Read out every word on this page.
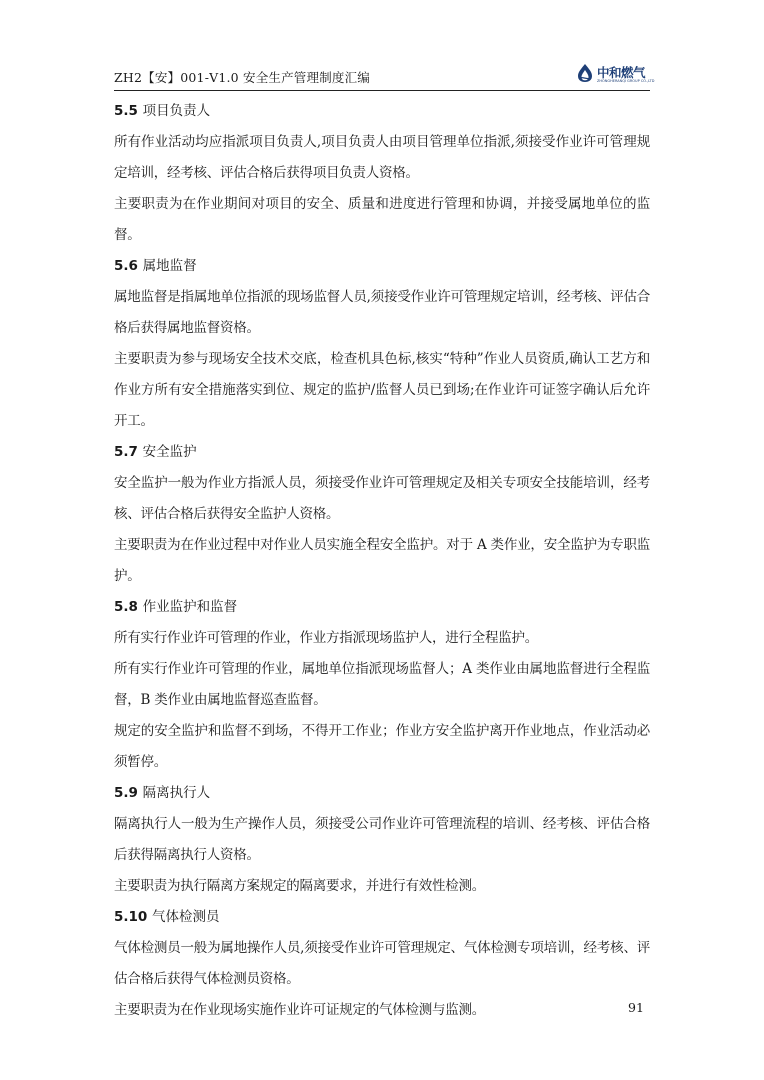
ZH2【安】001-V1.0 安全生产管理制度汇编	中和燃气
ZHONGHERANQI GROUP CO.,LTD
5.5 项目负责人

所有作业活动均应指派项目负责人,项目负责人由项目管理单位指派,须接受作业许可管理规定培训，经考核、评估合格后获得项目负责人资格。

主要职责为在作业期间对项目的安全、质量和进度进行管理和协调，并接受属地单位的监督。

5.6 属地监督

属地监督是指属地单位指派的现场监督人员,须接受作业许可管理规定培训，经考核、评估合格后获得属地监督资格。

主要职责为参与现场安全技术交底，检查机具色标,核实“特种”作业人员资质,确认工艺方和作业方所有安全措施落实到位、规定的监护/监督人员已到场;在作业许可证签字确认后允许开工。

5.7 安全监护

安全监护一般为作业方指派人员，须接受作业许可管理规定及相关专项安全技能培训，经考核、评估合格后获得安全监护人资格。

主要职责为在作业过程中对作业人员实施全程安全监护。对于 A 类作业，安全监护为专职监护。

5.8 作业监护和监督

所有实行作业许可管理的作业，作业方指派现场监护人，进行全程监护。

所有实行作业许可管理的作业，属地单位指派现场监督人；A 类作业由属地监督进行全程监督，B 类作业由属地监督巡查监督。

规定的安全监护和监督不到场，不得开工作业；作业方安全监护离开作业地点，作业活动必须暂停。

5.9 隔离执行人

隔离执行人一般为生产操作人员，须接受公司作业许可管理流程的培训、经考核、评估合格后获得隔离执行人资格。

主要职责为执行隔离方案规定的隔离要求，并进行有效性检测。

5.10 气体检测员

气体检测员一般为属地操作人员,须接受作业许可管理规定、气体检测专项培训，经考核、评估合格后获得气体检测员资格。

主要职责为在作业现场实施作业许可证规定的气体检测与监测。	91
